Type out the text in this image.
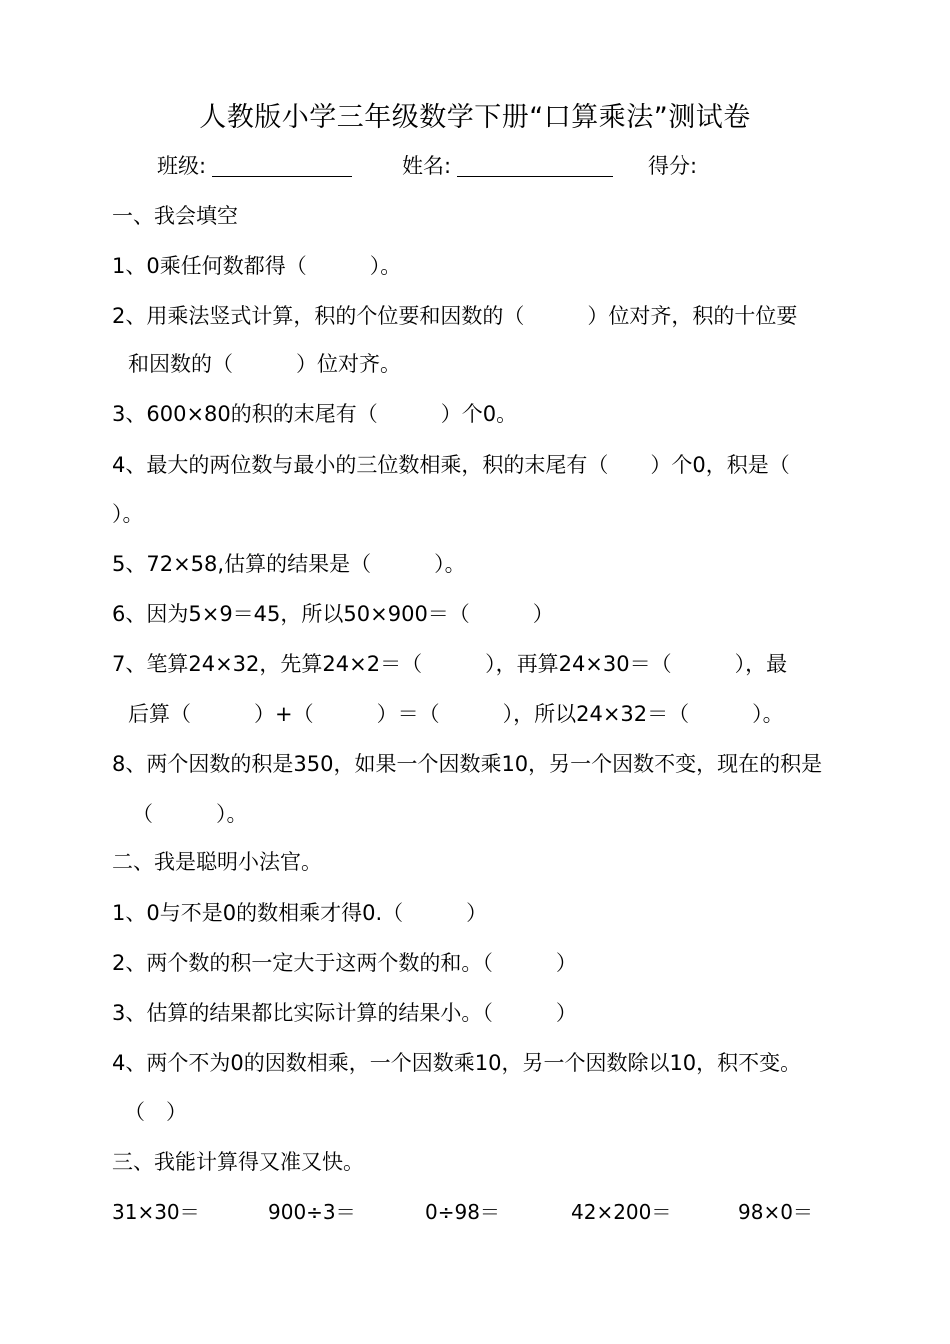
人教版小学三年级数学下册“口算乘法”测试卷
班级:	姓名:	得分:
一、我会填空
1、0乘任何数都得（　　　）。
2、用乘法竖式计算，积的个位要和因数的（　　　）位对齐，积的十位要
和因数的（　　　）位对齐。
3、600×80的积的末尾有（　　　）个0。
4、最大的两位数与最小的三位数相乘，积的末尾有（　　）个0，积是（
）。
5、72×58,估算的结果是（　　　）。
6、因为5×9＝45，所以50×900＝（　　　）
7、笔算24×32，先算24×2＝（　　　），再算24×30＝（　　　），最
后算（　　　）+（　　　）＝（　　　），所以24×32＝（　　　）。
8、两个因数的积是350，如果一个因数乘10，另一个因数不变，现在的积是
（　　　）。
二、我是聪明小法官。
1、0与不是0的数相乘才得0.（　　　）
2、两个数的积一定大于这两个数的和。（　　　）
3、估算的结果都比实际计算的结果小。（　　　）
4、两个不为0的因数相乘，一个因数乘10，另一个因数除以10，积不变。
（　）
三、我能计算得又准又快。
31×30＝	900÷3＝	0÷98＝	42×200＝	98×0＝
